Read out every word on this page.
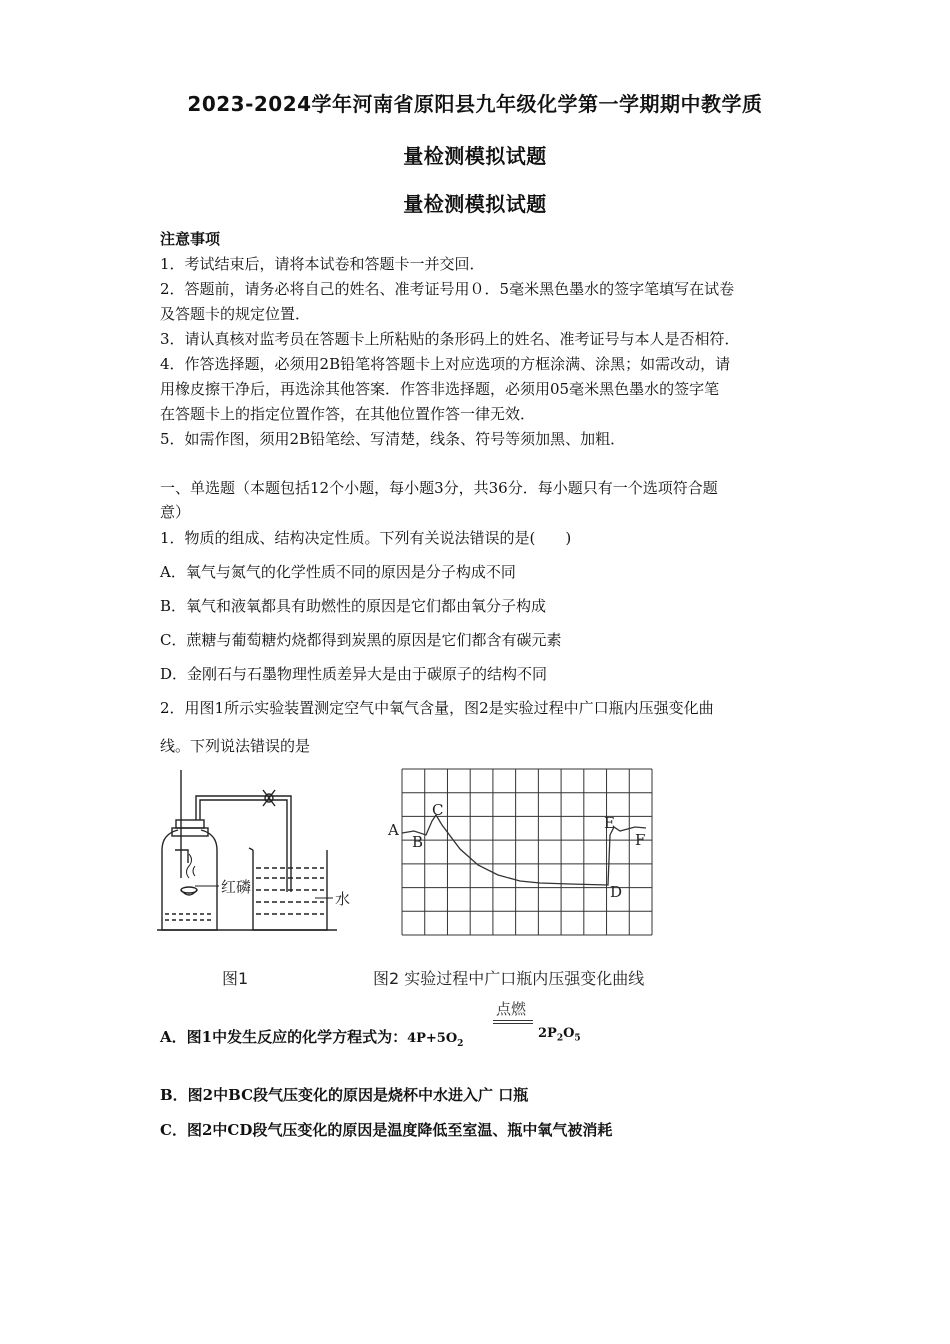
2023-2024学年河南省原阳县九年级化学第一学期期中教学质
量检测模拟试题
量检测模拟试题
注意事项
1．考试结束后，请将本试卷和答题卡一并交回．
2．答题前，请务必将自己的姓名、准考证号用０．5毫米黑色墨水的签字笔填写在试卷
及答题卡的规定位置．
3．请认真核对监考员在答题卡上所粘贴的条形码上的姓名、准考证号与本人是否相符．
4．作答选择题，必须用2B铅笔将答题卡上对应选项的方框涂满、涂黑；如需改动，请
用橡皮擦干净后，再选涂其他答案．作答非选择题，必须用05毫米黑色墨水的签字笔
在答题卡上的指定位置作答，在其他位置作答一律无效．
5．如需作图，须用2B铅笔绘、写清楚，线条、符号等须加黑、加粗．
一、单选题（本题包括12个小题，每小题3分，共36分．每小题只有一个选项符合题
意）
1．物质的组成、结构决定性质。下列有关说法错误的是(　　)
A．氧气与氮气的化学性质不同的原因是分子构成不同
B．氧气和液氧都具有助燃性的原因是它们都由氧分子构成
C．蔗糖与葡萄糖灼烧都得到炭黑的原因是它们都含有碳元素
D．金刚石与石墨物理性质差异大是由于碳原子的结构不同
2．用图1所示实验装置测定空气中氧气含量，图2是实验过程中广口瓶内压强变化曲
线。下列说法错误的是
红磷
水
A
B
C
D
E
F
图1	图2 实验过程中广口瓶内压强变化曲线
A．图1中发生反应的化学方程式为：$4P+5O_2$
点燃
$2P_2O_5$
B．图2中BC段气压变化的原因是烧杯中水进入广 口瓶
C．图2中CD段气压变化的原因是温度降低至室温、瓶中氧气被消耗
